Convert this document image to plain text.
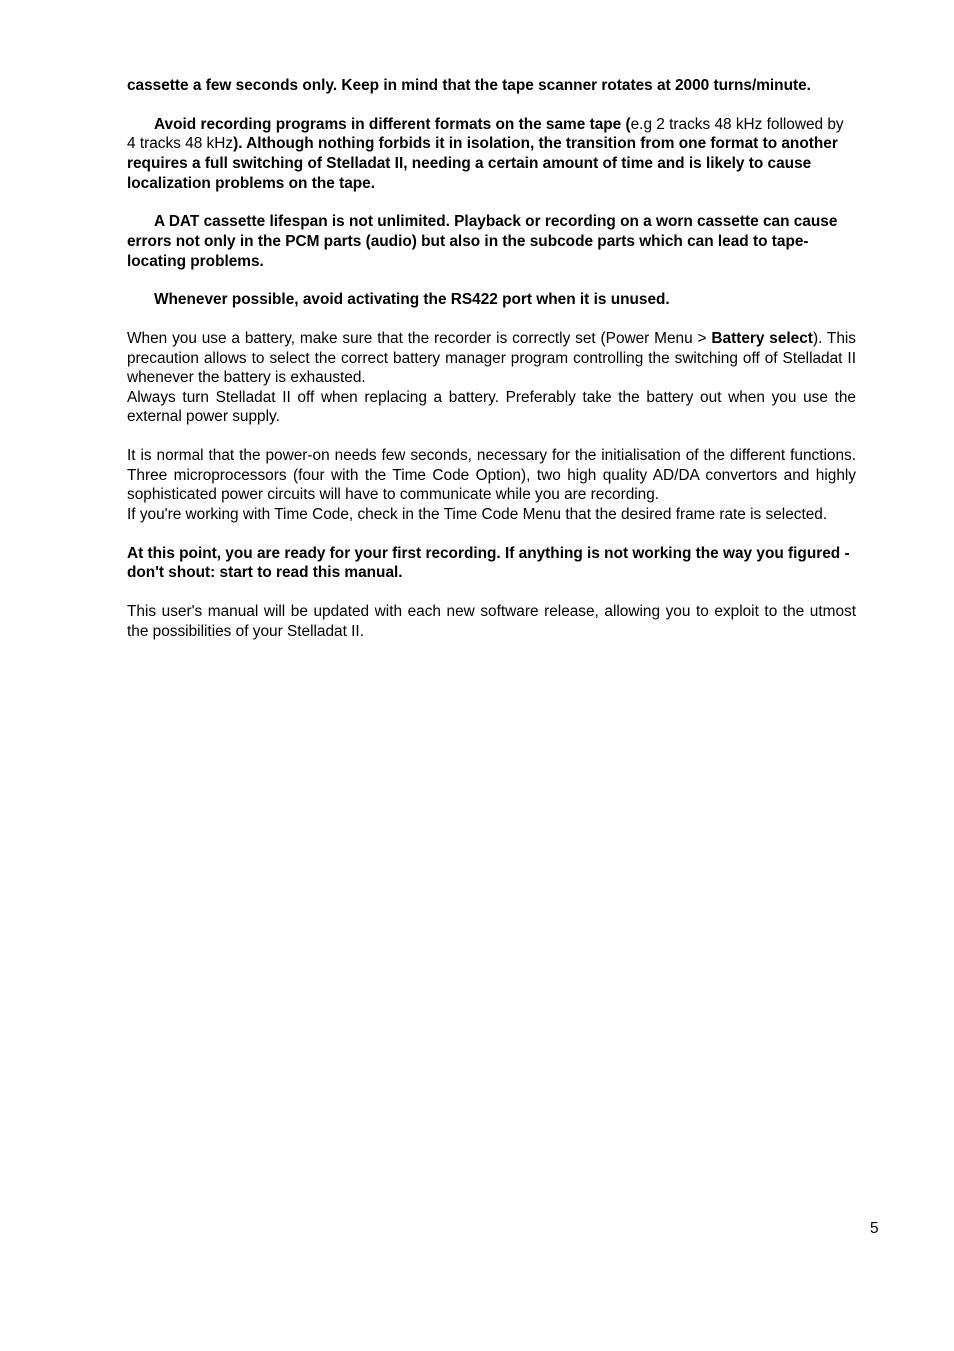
cassette a few seconds only. Keep in mind that the tape scanner rotates at 2000 turns/minute.

Avoid recording programs in different formats on the same tape (e.g 2 tracks 48 kHz followed by 4 tracks 48 kHz). Although nothing forbids it in isolation, the transition from one format to another requires a full switching of Stelladat II, needing a certain amount of time and is likely to cause localization problems on the tape.

A DAT cassette lifespan is not unlimited. Playback or recording on a worn cassette can cause errors not only in the PCM parts (audio) but also in the subcode parts which can lead to tape-locating problems.

Whenever possible, avoid activating the RS422 port when it is unused.

When you use a battery, make sure that the recorder is correctly set (Power Menu > Battery select). This precaution allows to select the correct battery manager program controlling the switching off of Stelladat II whenever the battery is exhausted.

Always turn Stelladat II off when replacing a battery. Preferably take the battery out when you use the external power supply.

It is normal that the power-on needs few seconds, necessary for the initialisation of the different functions. Three microprocessors (four with the Time Code Option), two high quality AD/DA convertors and highly sophisticated power circuits will have to communicate while you are recording.

If you're working with Time Code, check in the Time Code Menu that the desired frame rate is selected.

At this point, you are ready for your first recording. If anything is not working the way you figured - don't shout: start to read this manual.

This user's manual will be updated with each new software release, allowing you to exploit to the utmost the possibilities of your Stelladat II.

5
